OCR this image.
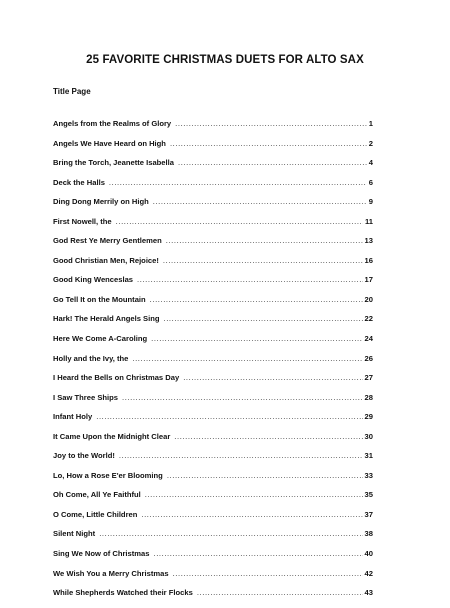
25 FAVORITE CHRISTMAS DUETS FOR ALTO SAX
Title Page
Angels from the Realms of Glory .....	1
Angels We Have Heard on High .....	2
Bring the Torch, Jeanette Isabella .....	4
Deck the Halls .....	6
Ding Dong Merrily on High .....	9
First Nowell, the .....	11
God Rest Ye Merry Gentlemen .....	13
Good Christian Men, Rejoice! .....	16
Good King Wenceslas .....	17
Go Tell It on the Mountain .....	20
Hark! The Herald Angels Sing .....	22
Here We Come A-Caroling .....	24
Holly and the Ivy, the .....	26
I Heard the Bells on Christmas Day .....	27
I Saw Three Ships .....	28
Infant Holy .....	29
It Came Upon the Midnight Clear .....	30
Joy to the World! .....	31
Lo, How a Rose E'er Blooming .....	33
Oh Come, All Ye Faithful .....	35
O Come, Little Children .....	37
Silent Night .....	38
Sing We Now of Christmas .....	40
We Wish You a Merry Christmas .....	42
While Shepherds Watched their Flocks .....	43
